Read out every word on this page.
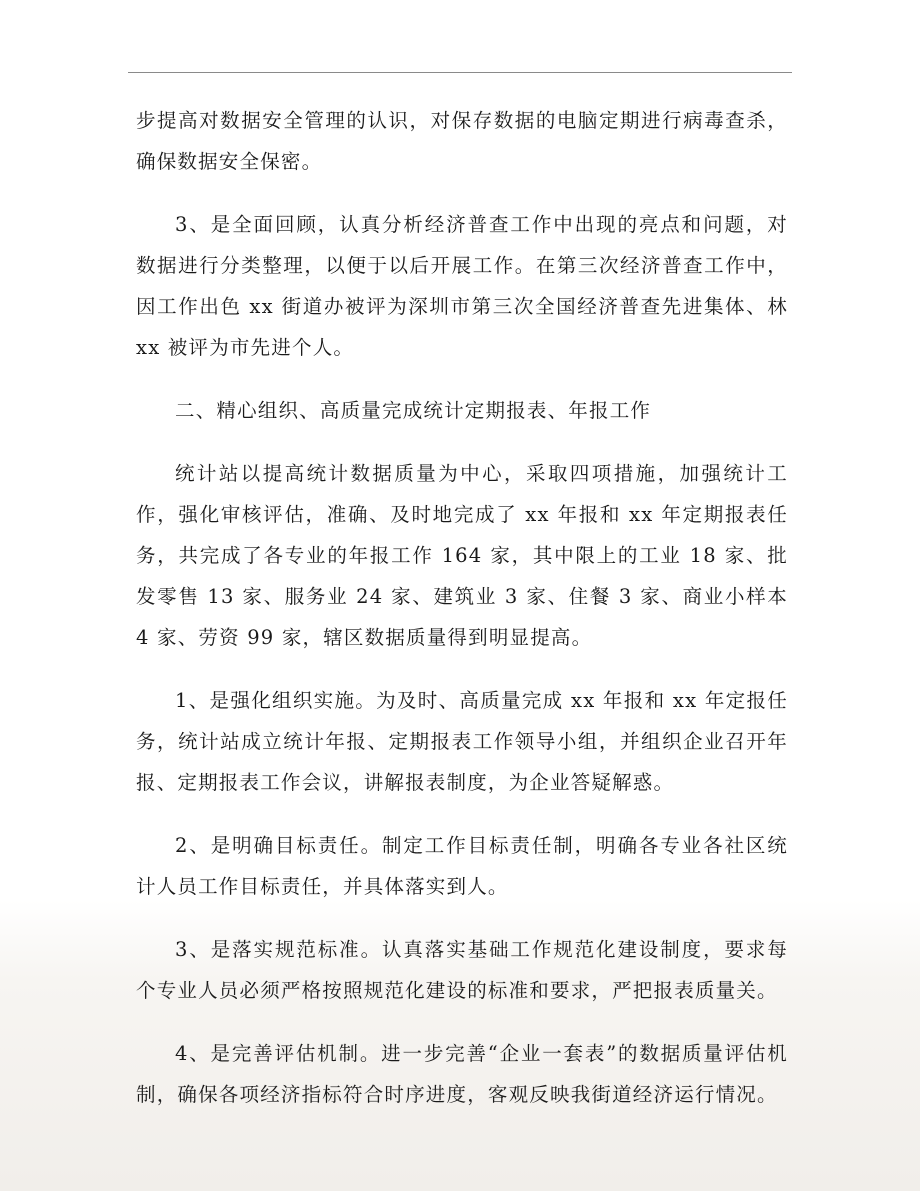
步提高对数据安全管理的认识，对保存数据的电脑定期进行病毒查杀，确保数据安全保密。

3、是全面回顾，认真分析经济普查工作中出现的亮点和问题，对数据进行分类整理，以便于以后开展工作。在第三次经济普查工作中，因工作出色 xx 街道办被评为深圳市第三次全国经济普查先进集体、林 xx 被评为市先进个人。

二、精心组织、高质量完成统计定期报表、年报工作

统计站以提高统计数据质量为中心，采取四项措施，加强统计工作，强化审核评估，准确、及时地完成了 xx 年报和 xx 年定期报表任务，共完成了各专业的年报工作 164 家，其中限上的工业 18 家、批发零售 13 家、服务业 24 家、建筑业 3 家、住餐 3 家、商业小样本 4 家、劳资 99 家，辖区数据质量得到明显提高。

1、是强化组织实施。为及时、高质量完成 xx 年报和 xx 年定报任务，统计站成立统计年报、定期报表工作领导小组，并组织企业召开年报、定期报表工作会议，讲解报表制度，为企业答疑解惑。

2、是明确目标责任。制定工作目标责任制，明确各专业各社区统计人员工作目标责任，并具体落实到人。

3、是落实规范标准。认真落实基础工作规范化建设制度，要求每个专业人员必须严格按照规范化建设的标准和要求，严把报表质量关。

4、是完善评估机制。进一步完善“企业一套表”的数据质量评估机制，确保各项经济指标符合时序进度，客观反映我街道经济运行情况。
